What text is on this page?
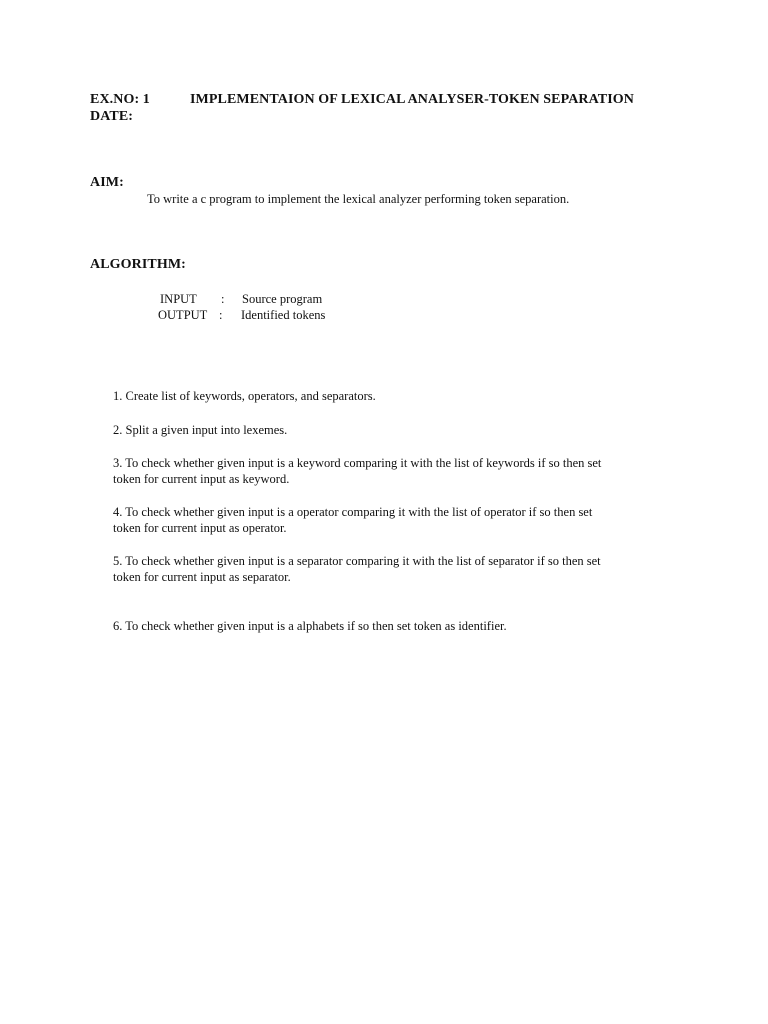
EX.NO: 1	IMPLEMENTAION OF LEXICAL ANALYSER-TOKEN SEPARATION
DATE:
AIM:
To write a c program to implement the lexical analyzer performing token separation.
ALGORITHM:
INPUT : Source program
OUTPUT : Identified tokens
1. Create list of keywords, operators, and separators.
2. Split a given input into lexemes.
3. To check whether given input is a keyword comparing it with the list of keywords if so then set
token for current input as keyword.
4. To check whether given input is a operator comparing it with the list of operator if so then set
token for current input as operator.
5. To check whether given input is a separator comparing it with the list of separator if so then set
token for current input as separator.
6. To check whether given input is a alphabets if so then set token as identifier.
